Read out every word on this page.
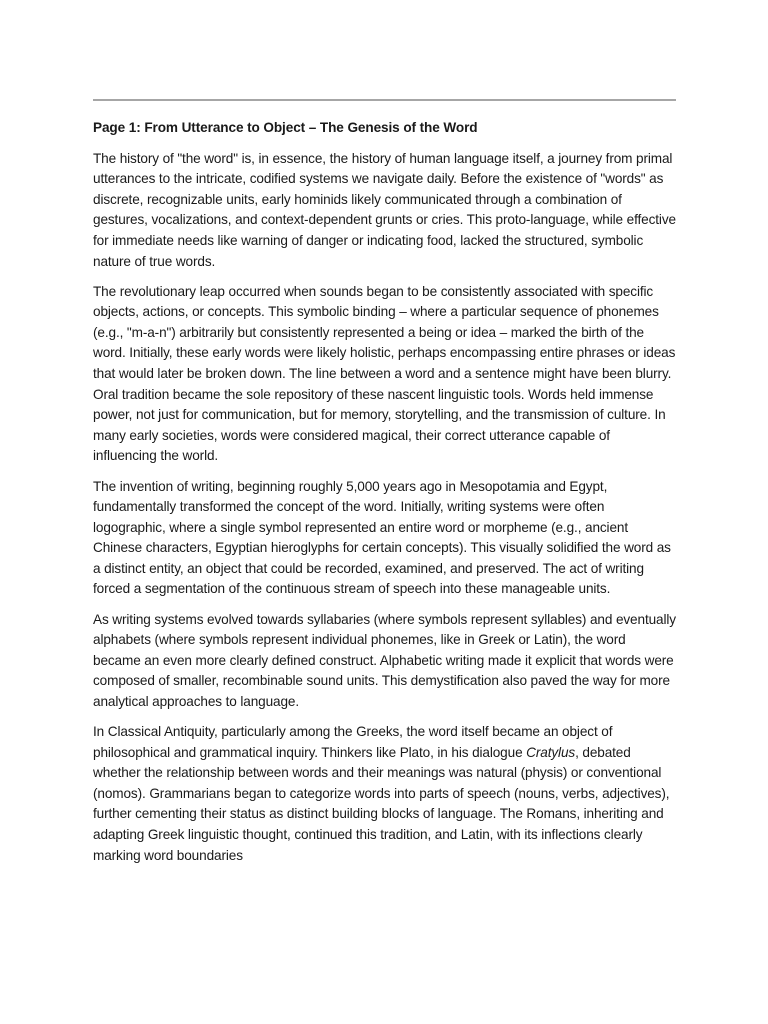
Page 1: From Utterance to Object – The Genesis of the Word

The history of "the word" is, in essence, the history of human language itself, a journey from primal utterances to the intricate, codified systems we navigate daily. Before the existence of "words" as discrete, recognizable units, early hominids likely communicated through a combination of gestures, vocalizations, and context-dependent grunts or cries. This proto-language, while effective for immediate needs like warning of danger or indicating food, lacked the structured, symbolic nature of true words.

The revolutionary leap occurred when sounds began to be consistently associated with specific objects, actions, or concepts. This symbolic binding – where a particular sequence of phonemes (e.g., "m-a-n") arbitrarily but consistently represented a being or idea – marked the birth of the word. Initially, these early words were likely holistic, perhaps encompassing entire phrases or ideas that would later be broken down. The line between a word and a sentence might have been blurry. Oral tradition became the sole repository of these nascent linguistic tools. Words held immense power, not just for communication, but for memory, storytelling, and the transmission of culture. In many early societies, words were considered magical, their correct utterance capable of influencing the world.

The invention of writing, beginning roughly 5,000 years ago in Mesopotamia and Egypt, fundamentally transformed the concept of the word. Initially, writing systems were often logographic, where a single symbol represented an entire word or morpheme (e.g., ancient Chinese characters, Egyptian hieroglyphs for certain concepts). This visually solidified the word as a distinct entity, an object that could be recorded, examined, and preserved. The act of writing forced a segmentation of the continuous stream of speech into these manageable units.

As writing systems evolved towards syllabaries (where symbols represent syllables) and eventually alphabets (where symbols represent individual phonemes, like in Greek or Latin), the word became an even more clearly defined construct. Alphabetic writing made it explicit that words were composed of smaller, recombinable sound units. This demystification also paved the way for more analytical approaches to language.

In Classical Antiquity, particularly among the Greeks, the word itself became an object of philosophical and grammatical inquiry. Thinkers like Plato, in his dialogue Cratylus, debated whether the relationship between words and their meanings was natural (physis) or conventional (nomos). Grammarians began to categorize words into parts of speech (nouns, verbs, adjectives), further cementing their status as distinct building blocks of language. The Romans, inheriting and adapting Greek linguistic thought, continued this tradition, and Latin, with its inflections clearly marking word boundaries
